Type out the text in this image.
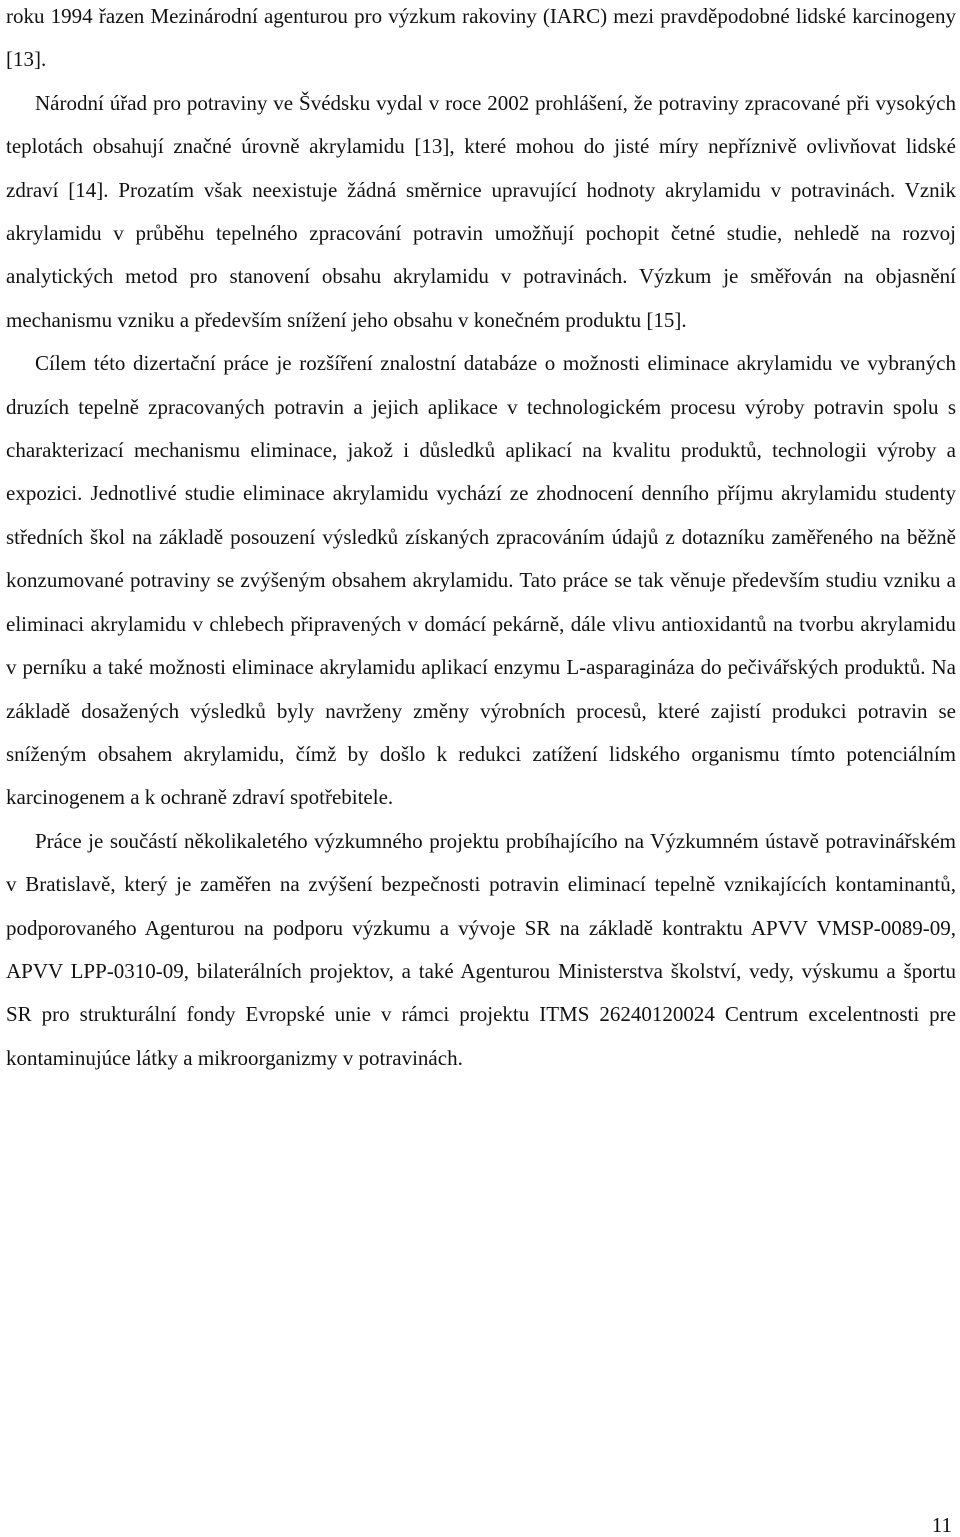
roku 1994 řazen Mezinárodní agenturou pro výzkum rakoviny (IARC) mezi pravděpodobné lidské karcinogeny [13].

Národní úřad pro potraviny ve Švédsku vydal v roce 2002 prohlášení, že potraviny zpracované při vysokých teplotách obsahují značné úrovně akrylamidu [13], které mohou do jisté míry nepříznivě ovlivňovat lidské zdraví [14]. Prozatím však neexistuje žádná směrnice upravující hodnoty akrylamidu v potravinách. Vznik akrylamidu v průběhu tepelného zpracování potravin umožňují pochopit četné studie, nehledě na rozvoj analytických metod pro stanovení obsahu akrylamidu v potravinách. Výzkum je směřován na objasnění mechanismu vzniku a především snížení jeho obsahu v konečném produktu [15].

Cílem této dizertační práce je rozšíření znalostní databáze o možnosti eliminace akrylamidu ve vybraných druzích tepelně zpracovaných potravin a jejich aplikace v technologickém procesu výroby potravin spolu s charakterizací mechanismu eliminace, jakož i důsledků aplikací na kvalitu produktů, technologii výroby a expozici. Jednotlivé studie eliminace akrylamidu vychází ze zhodnocení denního příjmu akrylamidu studenty středních škol na základě posouzení výsledků získaných zpracováním údajů z dotazníku zaměřeného na běžně konzumované potraviny se zvýšeným obsahem akrylamidu. Tato práce se tak věnuje především studiu vzniku a eliminaci akrylamidu v chlebech připravených v domácí pekárně, dále vlivu antioxidantů na tvorbu akrylamidu v perníku a také možnosti eliminace akrylamidu aplikací enzymu L-asparagináza do pečivářských produktů. Na základě dosažených výsledků byly navrženy změny výrobních procesů, které zajistí produkci potravin se sníženým obsahem akrylamidu, čímž by došlo k redukci zatížení lidského organismu tímto potenciálním karcinogenem a k ochraně zdraví spotřebitele.

Práce je součástí několikaletého výzkumného projektu probíhajícího na Výzkumném ústavě potravinářském v Bratislavě, který je zaměřen na zvýšení bezpečnosti potravin eliminací tepelně vznikajících kontaminantů, podporovaného Agenturou na podporu výzkumu a vývoje SR na základě kontraktu APVV VMSP-0089-09, APVV LPP-0310-09, bilaterálních projektov, a také Agenturou Ministerstva školství, vedy, výskumu a športu SR pro strukturální fondy Evropské unie v rámci projektu ITMS 26240120024 Centrum excelentnosti pre kontaminujúce látky a mikroorganizmy v potravinách.

11
